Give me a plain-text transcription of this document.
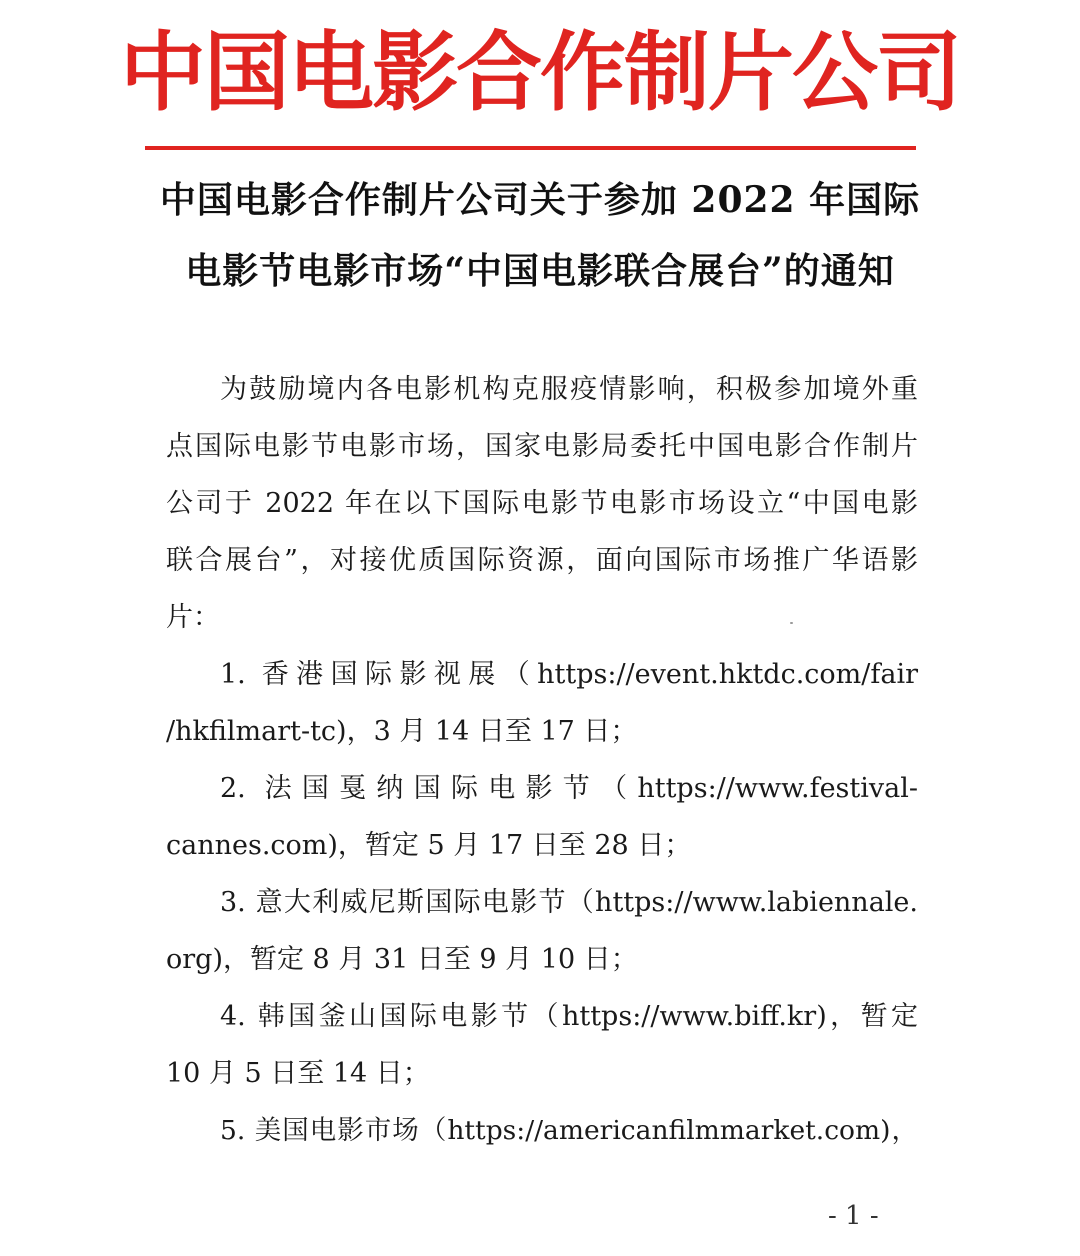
中国电影合作制片公司
中国电影合作制片公司关于参加 2022 年国际
电影节电影市场“中国电影联合展台”的通知
为鼓励境内各电影机构克服疫情影响，积极参加境外重
点国际电影节电影市场，国家电影局委托中国电影合作制片
公司于 2022 年在以下国际电影节电影市场设立“中国电影
联合展台”，对接优质国际资源，面向国际市场推广华语影
片：
1. 香港国际影视展（https://event.hktdc.com/fair
/hkfilmart-tc)，3 月 14 日至 17 日；
2. 法国戛纳国际电影节（https://www.festival-
cannes.com)，暂定 5 月 17 日至 28 日；
3. 意大利威尼斯国际电影节（https://www.labiennale.
org)，暂定 8 月 31 日至 9 月 10 日；
4. 韩国釜山国际电影节（https://www.biff.kr)，暂定
10 月 5 日至 14 日；
5. 美国电影市场（https://americanfilmmarket.com)，
- 1 -
